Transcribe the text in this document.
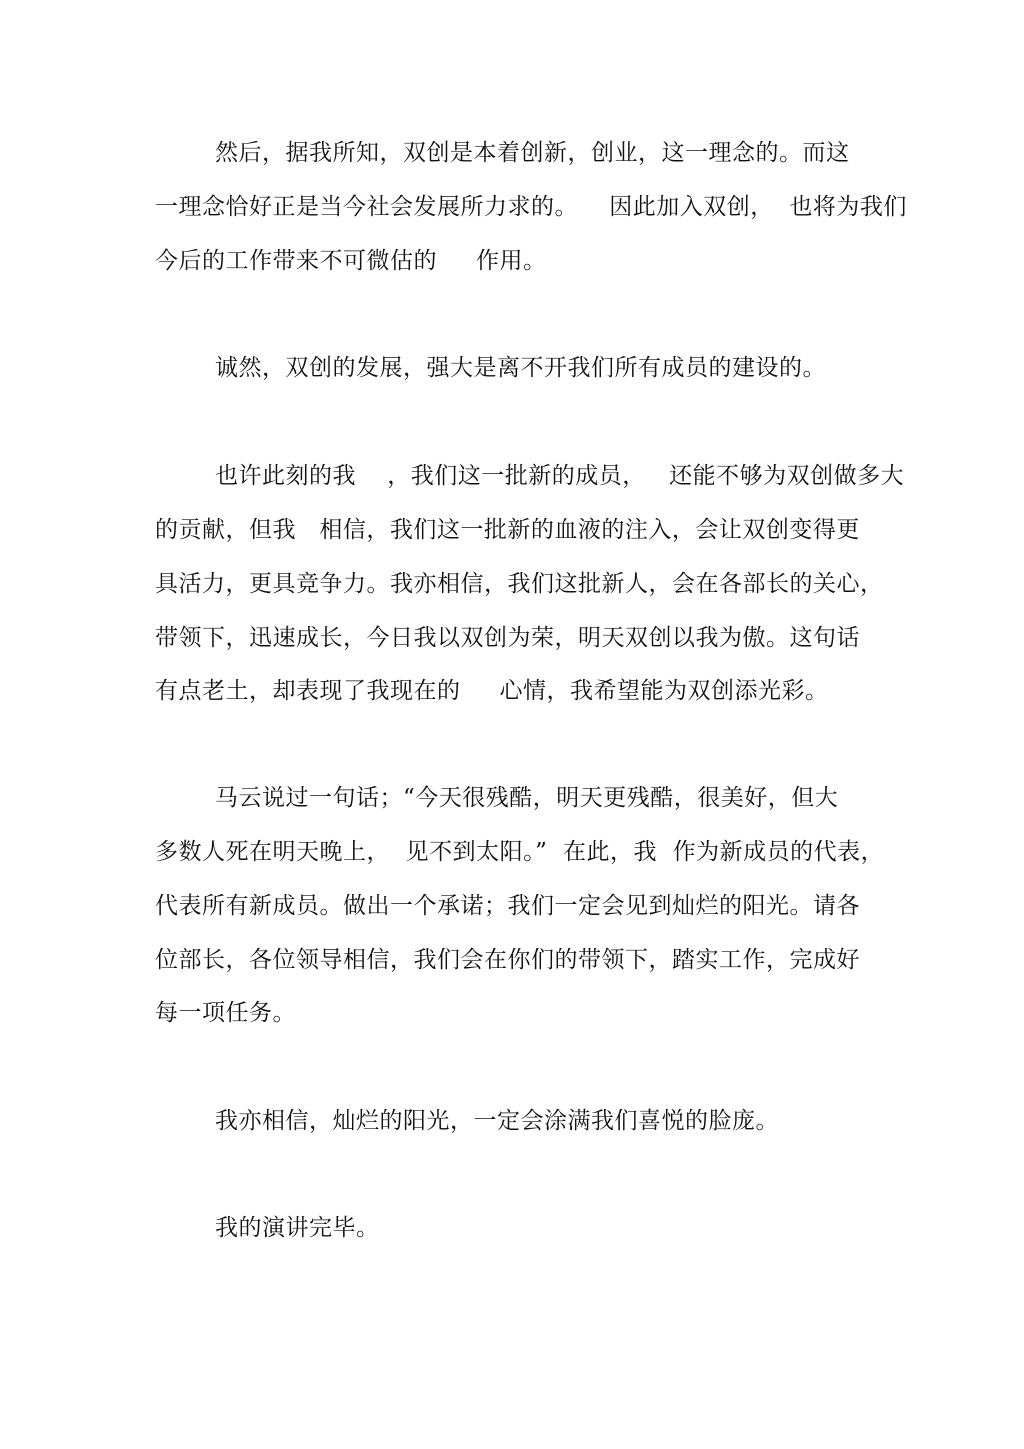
然后，据我所知，双创是本着创新，创业，这一理念的。而这
一理念恰好正是当今社会发展所力求的。    因此加入双创，  也将为我们
今后的工作带来不可微估的     作用。
诚然，双创的发展，强大是离不开我们所有成员的建设的。
也许此刻的我    ，我们这一批新的成员，   还能不够为双创做多大
的贡献，但我   相信，我们这一批新的血液的注入，会让双创变得更
具活力，更具竞争力。我亦相信，我们这批新人，会在各部长的关心，
带领下，迅速成长，今日我以双创为荣，明天双创以我为傲。这句话
有点老土，却表现了我现在的     心情，我希望能为双创添光彩。
马云说过一句话；“今天很残酷，明天更残酷，很美好，但大
多数人死在明天晚上，  见不到太阳。”  在此，我  作为新成员的代表，
代表所有新成员。做出一个承诺；我们一定会见到灿烂的阳光。请各
位部长，各位领导相信，我们会在你们的带领下，踏实工作，完成好
每一项任务。
我亦相信，灿烂的阳光，一定会涂满我们喜悦的脸庞。
我的演讲完毕。
